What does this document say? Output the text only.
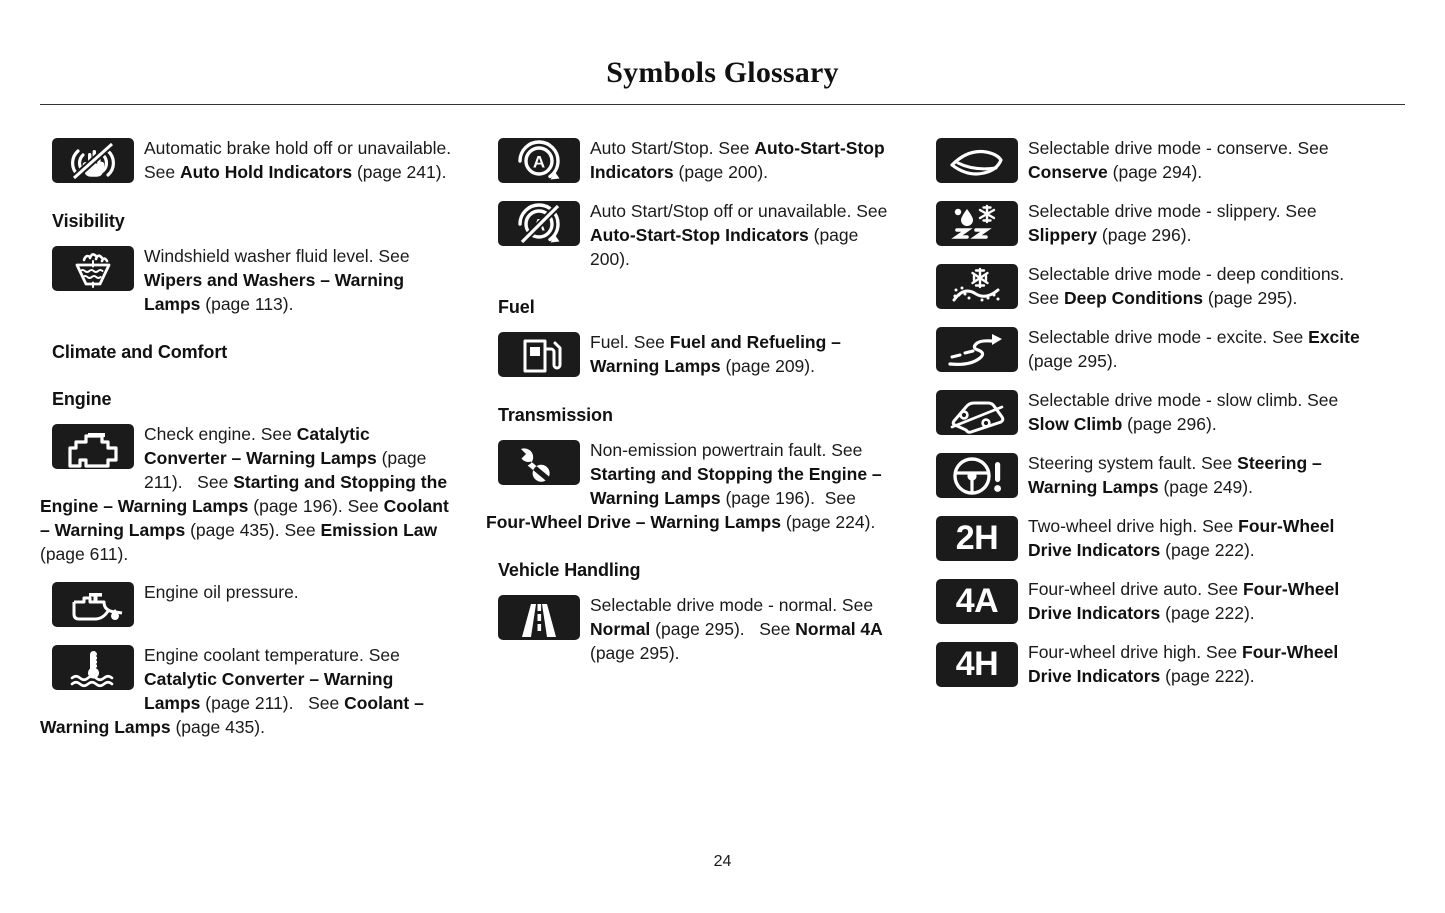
Symbols Glossary
Automatic brake hold off or unavailable. See Auto Hold Indicators (page 241).
Visibility
Windshield washer fluid level. See Wipers and Washers – Warning Lamps (page 113).
Climate and Comfort
Engine
Check engine. See Catalytic Converter – Warning Lamps (page 211).   See Starting and Stopping the Engine – Warning Lamps (page 196). See Coolant – Warning Lamps (page 435). See Emission Law (page 611).
Engine oil pressure.
Engine coolant temperature. See Catalytic Converter – Warning Lamps (page 211).   See Coolant – Warning Lamps (page 435).
Auto Start/Stop. See Auto-Start-Stop Indicators (page 200).
Auto Start/Stop off or unavailable. See Auto-Start-Stop Indicators (page 200).
Fuel
Fuel. See Fuel and Refueling – Warning Lamps (page 209).
Transmission
Non-emission powertrain fault. See Starting and Stopping the Engine – Warning Lamps (page 196).  See Four-Wheel Drive – Warning Lamps (page 224).
Vehicle Handling
Selectable drive mode - normal. See Normal (page 295).   See Normal 4A (page 295).
Selectable drive mode - conserve. See Conserve (page 294).
Selectable drive mode - slippery. See Slippery (page 296).
Selectable drive mode - deep conditions. See Deep Conditions (page 295).
Selectable drive mode - excite. See Excite (page 295).
Selectable drive mode - slow climb. See Slow Climb (page 296).
Steering system fault. See Steering – Warning Lamps (page 249).
2H	Two-wheel drive high. See Four-Wheel Drive Indicators (page 222).
4A	Four-wheel drive auto. See Four-Wheel Drive Indicators (page 222).
4H	Four-wheel drive high. See Four-Wheel Drive Indicators (page 222).
24
